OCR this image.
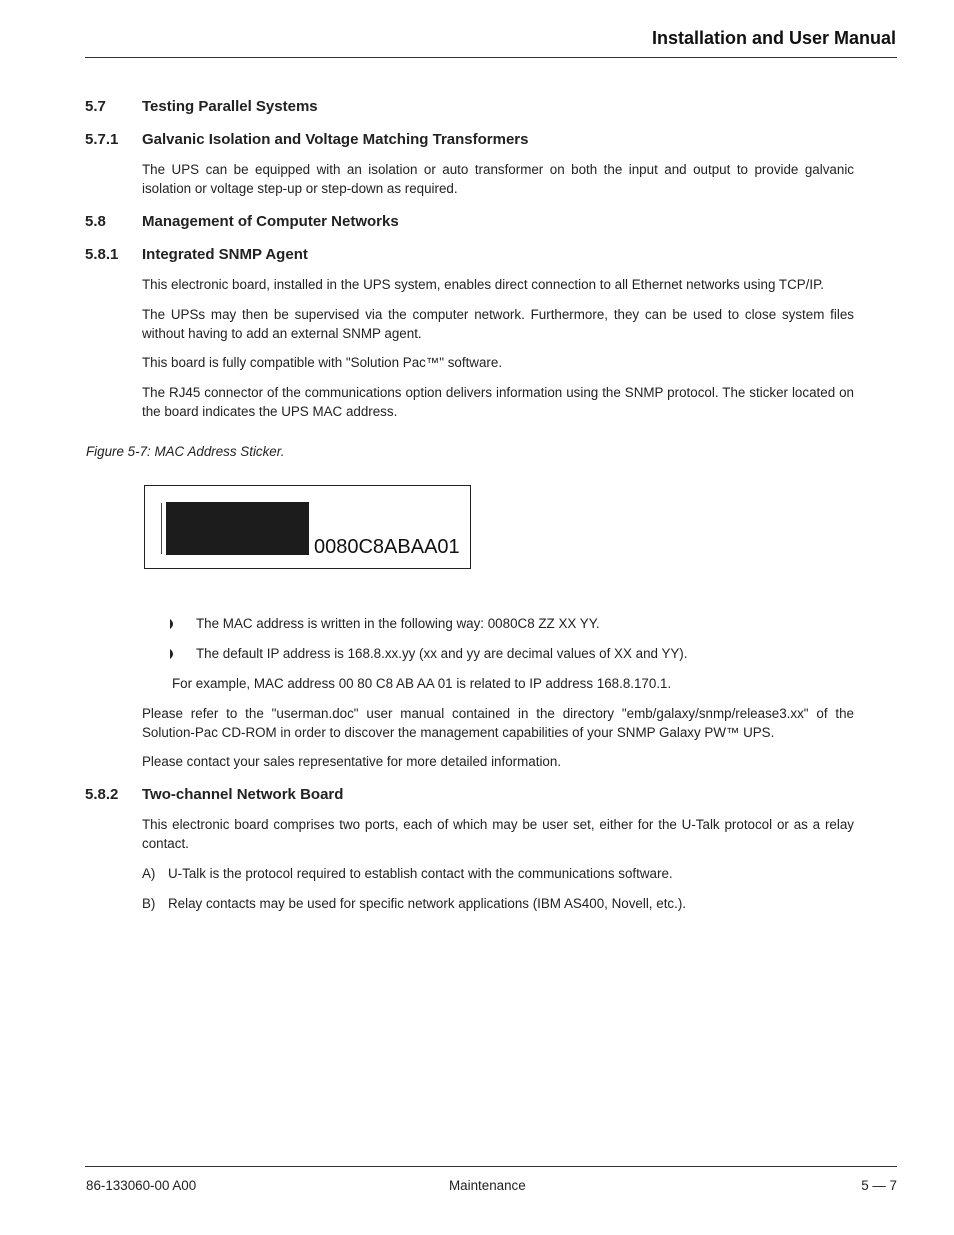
Installation and User Manual
5.7 Testing Parallel Systems
5.7.1 Galvanic Isolation and Voltage Matching Transformers
The UPS can be equipped with an isolation or auto transformer on both the input and output to provide galvanic isolation or voltage step-up or step-down as required.
5.8 Management of Computer Networks
5.8.1 Integrated SNMP Agent
This electronic board, installed in the UPS system, enables direct connection to all Ethernet networks using TCP/IP.
The UPSs may then be supervised via the computer network. Furthermore, they can be used to close system files without having to add an external SNMP agent.
This board is fully compatible with "Solution Pac™" software.
The RJ45 connector of the communications option delivers information using the SNMP protocol. The sticker located on the board indicates the UPS MAC address.
Figure 5-7: MAC Address Sticker.
0080C8ABAA01
The MAC address is written in the following way: 0080C8 ZZ XX YY.
The default IP address is 168.8.xx.yy (xx and yy are decimal values of XX and YY).
For example, MAC address 00 80 C8 AB AA 01 is related to IP address 168.8.170.1.
Please refer to the "userman.doc" user manual contained in the directory "emb/galaxy/snmp/release3.xx" of the Solution-Pac CD-ROM in order to discover the management capabilities of your SNMP Galaxy PW™ UPS.
Please contact your sales representative for more detailed information.
5.8.2 Two-channel Network Board
This electronic board comprises two ports, each of which may be user set, either for the U-Talk protocol or as a relay contact.
A) U-Talk is the protocol required to establish contact with the communications software.
B) Relay contacts may be used for specific network applications (IBM AS400, Novell, etc.).
86-133060-00 A00	Maintenance	5 — 7
